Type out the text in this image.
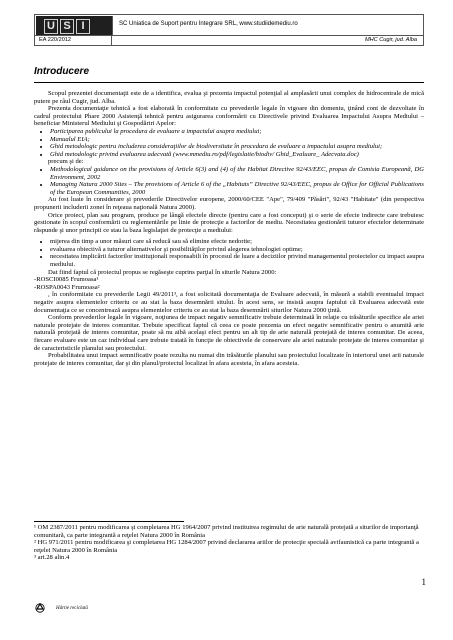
U S I	SC Uniatica de Suport pentru Integrare SRL, www.studiidemediu.ro
EA 220/2012	MHC Cugir, jud. Alba
Introducere

Scopul prezentei documentaţii este de a identifica, evalua şi prezenta impactul potenţial al amplasării unui complex de hidrocentrale de mică putere pe râul Cugir, jud. Alba.

Prezenta documentaţie tehnică a fost elaborată în conformitate cu prevederile legale în vigoare din domeniu, ţinând cont de dezvoltate în cadrul proiectului Phare 2000 Asistenţă tehnică pentru asigurarea conformării cu Directivele privind Evaluarea Impactului Asupra Mediului – beneficiar Ministerul Mediului şi Gospodăriri Apelor:

• Participarea publicului la procedura de evaluare a impactului asupra mediului;
• Manualul EIA;
• Ghid metodologic pentru includerea consideraţiilor de biodiversitate în procedura de evaluare a impactului asupra mediului;
• Ghid metodologic privind evaluarea adecvată (www.mmediu.ro/pdf/legislatie/biodiv/ Ghid_Evaluare_ Adecvata.doc)

precum şi de:

• Methodological guidance on the provisions of Article 6(3) and (4) of the Habitat Directive 92/43/EEC, propus de Comisia Europeană, DG Environment, 2002
• Managing Natura 2000 Sites – The provisions of Article 6 of the „Habitats” Directive 92/43/EEC, propus de Office for Official Publications of the European Communities, 2000

Au fost luate în considerare şi prevederile Directivelor europene, 2000/60/CEE "Ape", 79/409 "Păsări", 92/43 "Habitate" (din perspectiva propunerii includerii zonei în reţeaua naţională Natura 2000).

Orice proiect, plan sau program, produce pe lângă efectele directe (pentru care a fost conceput) şi o serie de efecte indirecte care trebuiesc gestionate în scopul conformării cu reglementările pe linie de protecţie a factorilor de mediu. Necesitatea gestionării tuturor efectelor determinate răspunde şi unor principii ce stau la baza legislaţiei de protecţie a mediului:

• mijerea din timp a unor măsuri care să reducă sau să elimine efecte nedorite;
• evaluarea obiectivă a tuturor alternativelor şi posibilităţilor privind alegerea tehnologiei optime;
• necesitatea implicării factorilor instituţionali responsabili în procesul de luare a deciziilor privind managementul proiectelor cu impact asupra mediului.

Dat fiind faptul că proiectul propus se regăseşte cuprins parţial în siturile Natura 2000:

-ROSCI0085 Frumoasa¹

-ROSPA0043 Frumoasa²

, în conformitate cu prevederile Legii 49/2011³, a fost solicitată documentaţia de Evaluare adecvată, în măsură a stabili eventualul impact negativ asupra elementelor criteriu ce au stat la baza desemnării sitului. În acest sens, se insistă asupra faptului că Evaluarea adecvată este documentaţia ce se concentrează asupra elementelor criteriu ce au stat la baza desemnării siturilor Natura 2000 ţintă.

Conform prevederilor legale în vigoare, noţiunea de impact negativ semnificativ trebuie determinată în relaţie cu trăsăturile specifice ale ariei naturale protejate de interes comunitar. Trebuie specificat faptul că ceea ce poate prezenta un efect negativ semnificativ pentru o anumită arie naturală protejată de interes comunitar, poate să nu aibă acelaşi efect pentru un alt tip de arie naturală protejată de interes comunitar. De aceea, fiecare evaluare este un caz individual care trebuie tratată în funcţie de obiectivele de conservare ale ariei naturale protejate de interes comunitar şi de caracteristicile planului sau proiectului.

Probabilitatea unui impact semnificativ poate rezulta nu numai din trăsăturile planului sau proiectului localizate în interiorul unei arii naturale protejate de interes comunitar, dar şi din planul/proiectul localizat în afara acesteia, în afara acesteia.

¹ OM 2387/2011 pentru modificarea şi completarea HG 1964/2007 privind instituirea regimului de arie naturală protejată a siturilor de importanţă comunitară, ca parte integrantă a reţelei Natura 2000 în România

² HG 971/2011 pentru modificarea şi completarea HG 1284/2007 privind declararea ariilor de protecţie specială avifaunistică ca parte integrantă a reţelei Natura 2000 în România

³ art.28 alin.4

1
Hârtie reciclată
